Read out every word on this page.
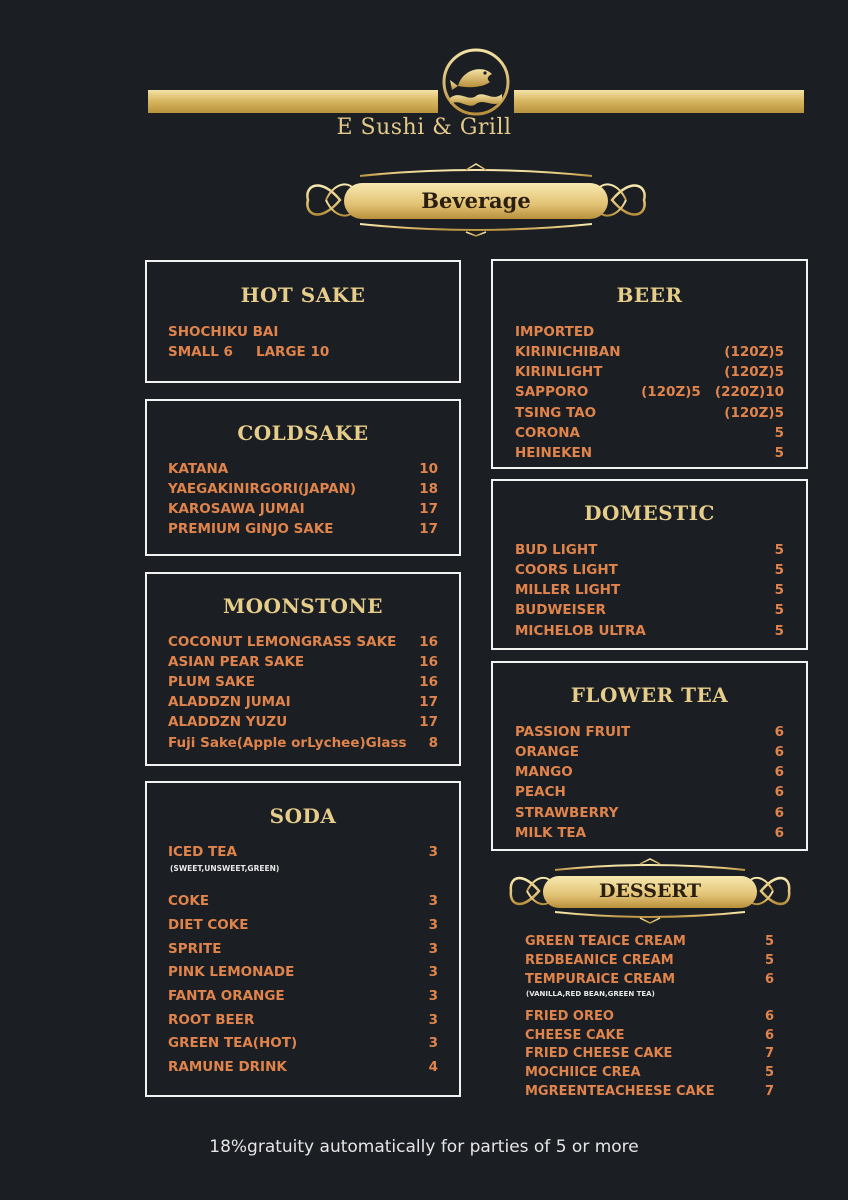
E Sushi & Grill
Beverage
HOT SAKE
SHOCHIKU BAI
SMALL 6 LARGE 10
COLDSAKE
KATANA	10
YAEGAKINIRGORI(JAPAN)	18
KAROSAWA JUMAI	17
PREMIUM GINJO SAKE	17
MOONSTONE
COCONUT LEMONGRASS SAKE 16
ASIAN PEAR SAKE	16
PLUM SAKE	16
ALADDZN JUMAI	17
ALADDZN YUZU	17
Fuji Sake(Apple orLychee)Glass 8
SODA
ICED TEA	3
(SWEET,UNSWEET,GREEN)
COKE	3
DIET COKE	3
SPRITE	3
PINK LEMONADE	3
FANTA ORANGE	3
ROOT BEER	3
GREEN TEA(HOT)	3
RAMUNE DRINK	4
BEER
IMPORTED
KIRINICHIBAN	(120Z)5
KIRINLIGHT	(120Z)5
SAPPORO	(120Z)5   (220Z)10
TSING TAO	(120Z)5
CORONA	5
HEINEKEN	5
DOMESTIC
BUD LIGHT	5
COORS LIGHT	5
MILLER LIGHT	5
BUDWEISER	5
MICHELOB ULTRA	5
FLOWER TEA
PASSION FRUIT	6
ORANGE	6
MANGO	6
PEACH	6
STRAWBERRY	6
MILK TEA	6
DESSERT
GREEN TEAICE CREAM	5
REDBEANICE CREAM	5
TEMPURAICE CREAM	6
(VANILLA,RED BEAN,GREEN TEA)
FRIED OREO	6
CHEESE CAKE	6
FRIED CHEESE CAKE	7
MOCHIICE CREA	5
MGREENTEACHEESE CAKE	7
18%gratuity automatically for parties of 5 or more
